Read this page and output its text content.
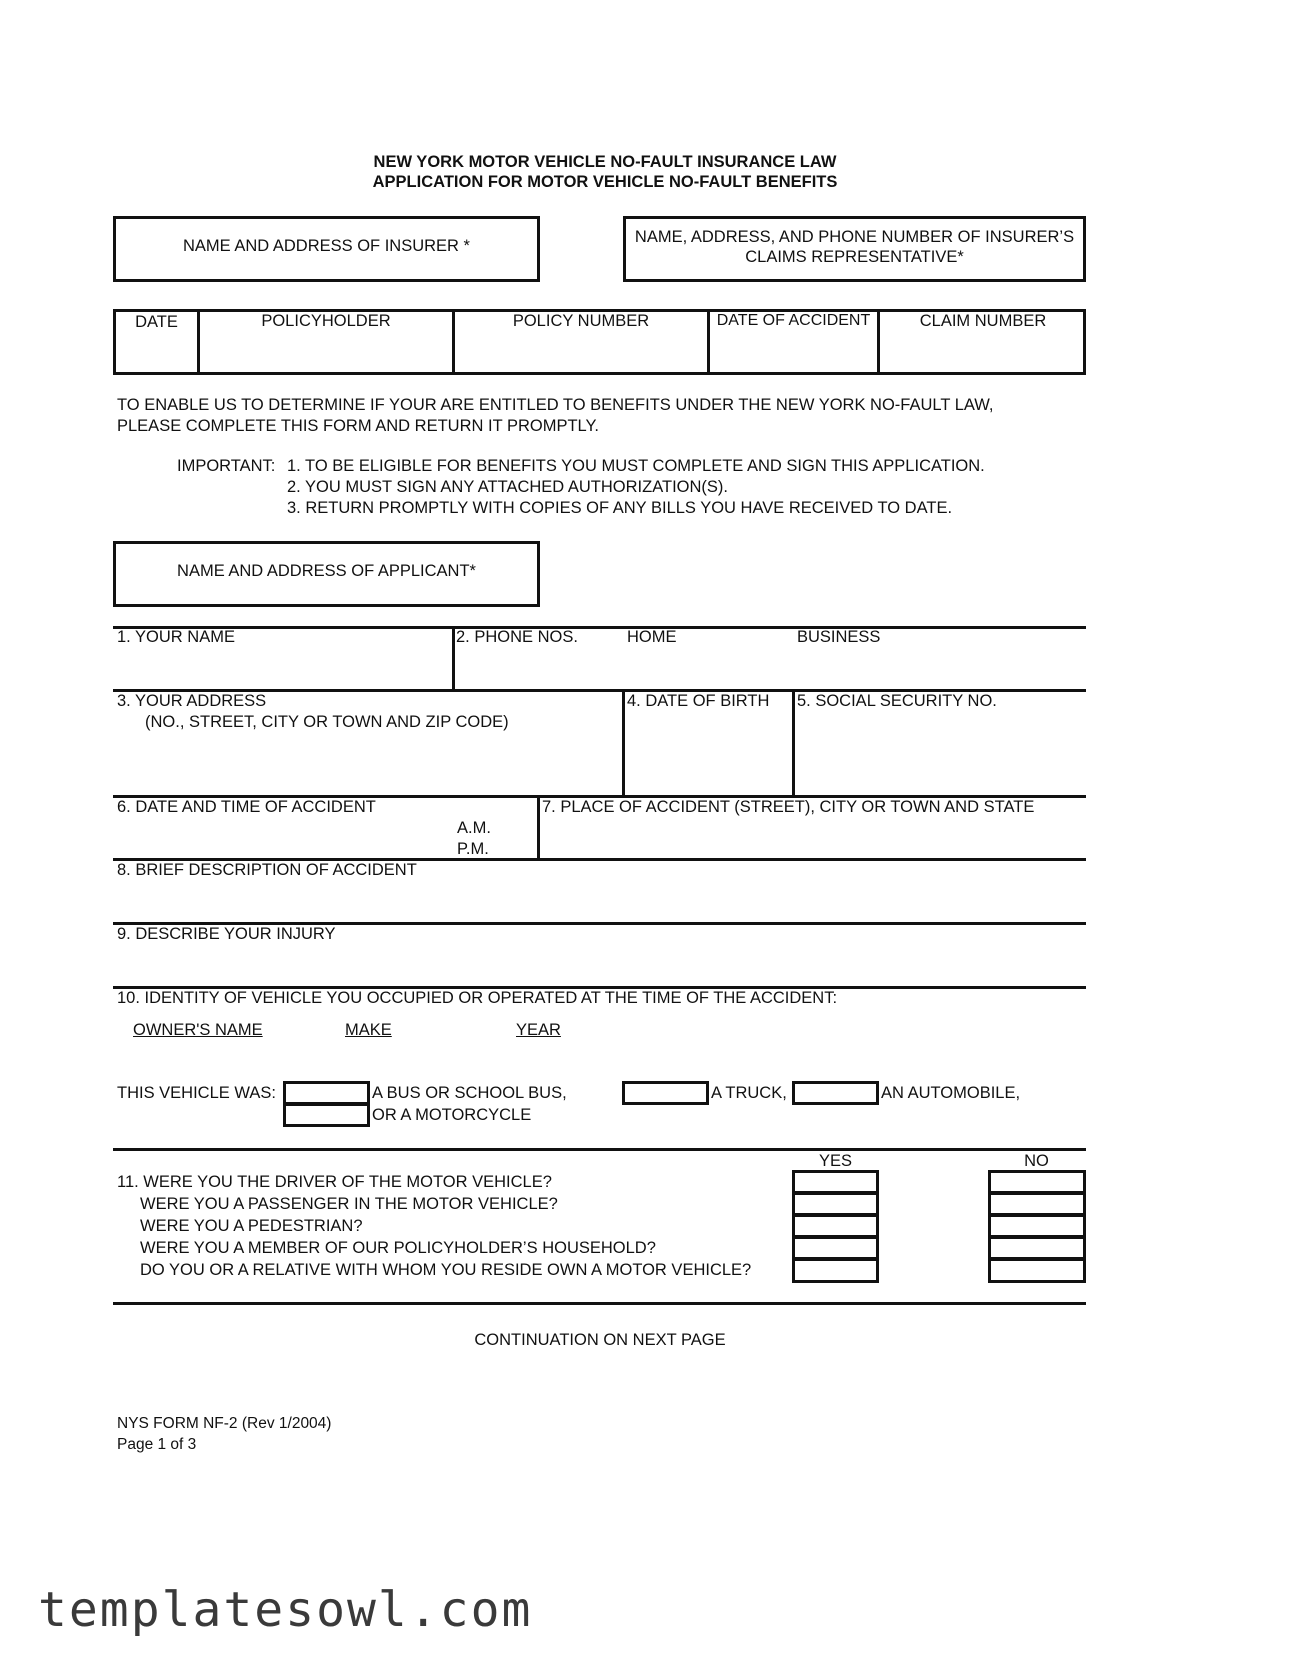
NEW YORK MOTOR VEHICLE NO-FAULT INSURANCE LAW
APPLICATION FOR MOTOR VEHICLE NO-FAULT BENEFITS
NAME AND ADDRESS OF INSURER *	NAME, ADDRESS, AND PHONE NUMBER OF INSURER’S
CLAIMS REPRESENTATIVE*
DATE	POLICYHOLDER	POLICY NUMBER	DATE OF ACCIDENT	CLAIM NUMBER
TO ENABLE US TO DETERMINE IF YOUR ARE ENTITLED TO BENEFITS UNDER THE NEW YORK NO-FAULT LAW,
PLEASE COMPLETE THIS FORM AND RETURN IT PROMPTLY.
IMPORTANT: 1. TO BE ELIGIBLE FOR BENEFITS YOU MUST COMPLETE AND SIGN THIS APPLICATION.
2. YOU MUST SIGN ANY ATTACHED AUTHORIZATION(S).
3. RETURN PROMPTLY WITH COPIES OF ANY BILLS YOU HAVE RECEIVED TO DATE.
NAME AND ADDRESS OF APPLICANT*
1. YOUR NAME	2. PHONE NOS.	HOME	BUSINESS
3. YOUR ADDRESS
(NO., STREET, CITY OR TOWN AND ZIP CODE)
4. DATE OF BIRTH 5. SOCIAL SECURITY NO.
6. DATE AND TIME OF ACCIDENT
A.M.
P.M.
7. PLACE OF ACCIDENT (STREET), CITY OR TOWN AND STATE
8. BRIEF DESCRIPTION OF ACCIDENT
9. DESCRIBE YOUR INJURY
10. IDENTITY OF VEHICLE YOU OCCUPIED OR OPERATED AT THE TIME OF THE ACCIDENT:
OWNER'S NAME	MAKE	YEAR
THIS VEHICLE WAS:	A BUS OR SCHOOL BUS,
OR A MOTORCYCLE
A TRUCK,	AN AUTOMOBILE,
YES	NO
11. WERE YOU THE DRIVER OF THE MOTOR VEHICLE?
WERE YOU A PASSENGER IN THE MOTOR VEHICLE?
WERE YOU A PEDESTRIAN?
WERE YOU A MEMBER OF OUR POLICYHOLDER’S HOUSEHOLD?
DO YOU OR A RELATIVE WITH WHOM YOU RESIDE OWN A MOTOR VEHICLE?
CONTINUATION ON NEXT PAGE
NYS FORM NF-2 (Rev 1/2004)
Page 1 of 3
templatesowl.com
